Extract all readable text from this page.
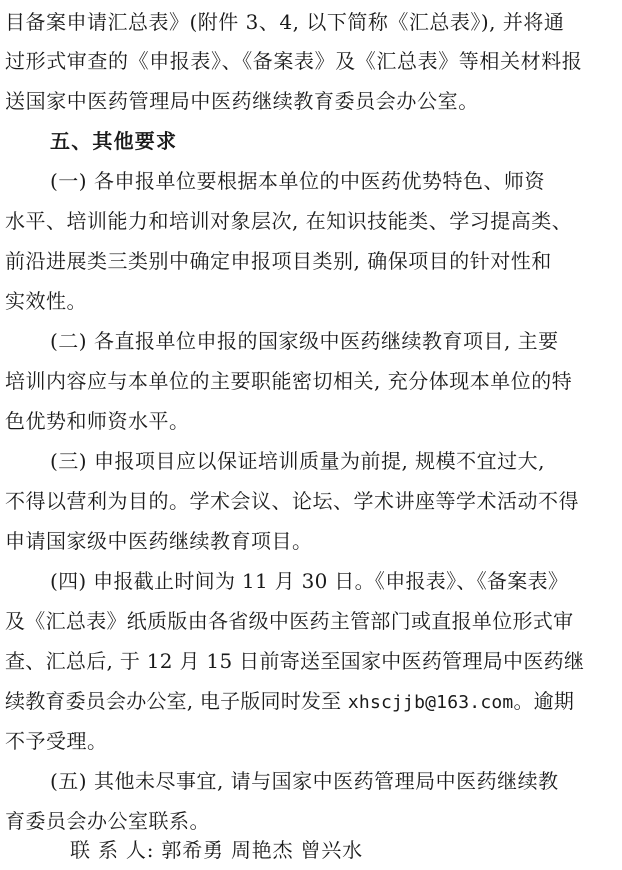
目备案申请汇总表》(附件 3、4, 以下简称《汇总表》), 并将通
过形式审查的《申报表》、《备案表》及《汇总表》等相关材料报
送国家中医药管理局中医药继续教育委员会办公室。
五、其他要求
(一) 各申报单位要根据本单位的中医药优势特色、师资
水平、培训能力和培训对象层次, 在知识技能类、学习提高类、
前沿进展类三类别中确定申报项目类别, 确保项目的针对性和
实效性。
(二) 各直报单位申报的国家级中医药继续教育项目, 主要
培训内容应与本单位的主要职能密切相关, 充分体现本单位的特
色优势和师资水平。
(三) 申报项目应以保证培训质量为前提, 规模不宜过大,
不得以营利为目的。学术会议、论坛、学术讲座等学术活动不得
申请国家级中医药继续教育项目。
(四) 申报截止时间为 11 月 30 日。《申报表》、《备案表》
及《汇总表》纸质版由各省级中医药主管部门或直报单位形式审
查、汇总后, 于 12 月 15 日前寄送至国家中医药管理局中医药继
续教育委员会办公室, 电子版同时发至 xhscjjb@163.com。逾期
不予受理。
(五) 其他未尽事宜, 请与国家中医药管理局中医药继续教
育委员会办公室联系。
联 系 人: 郭希勇 周艳杰 曾兴水
